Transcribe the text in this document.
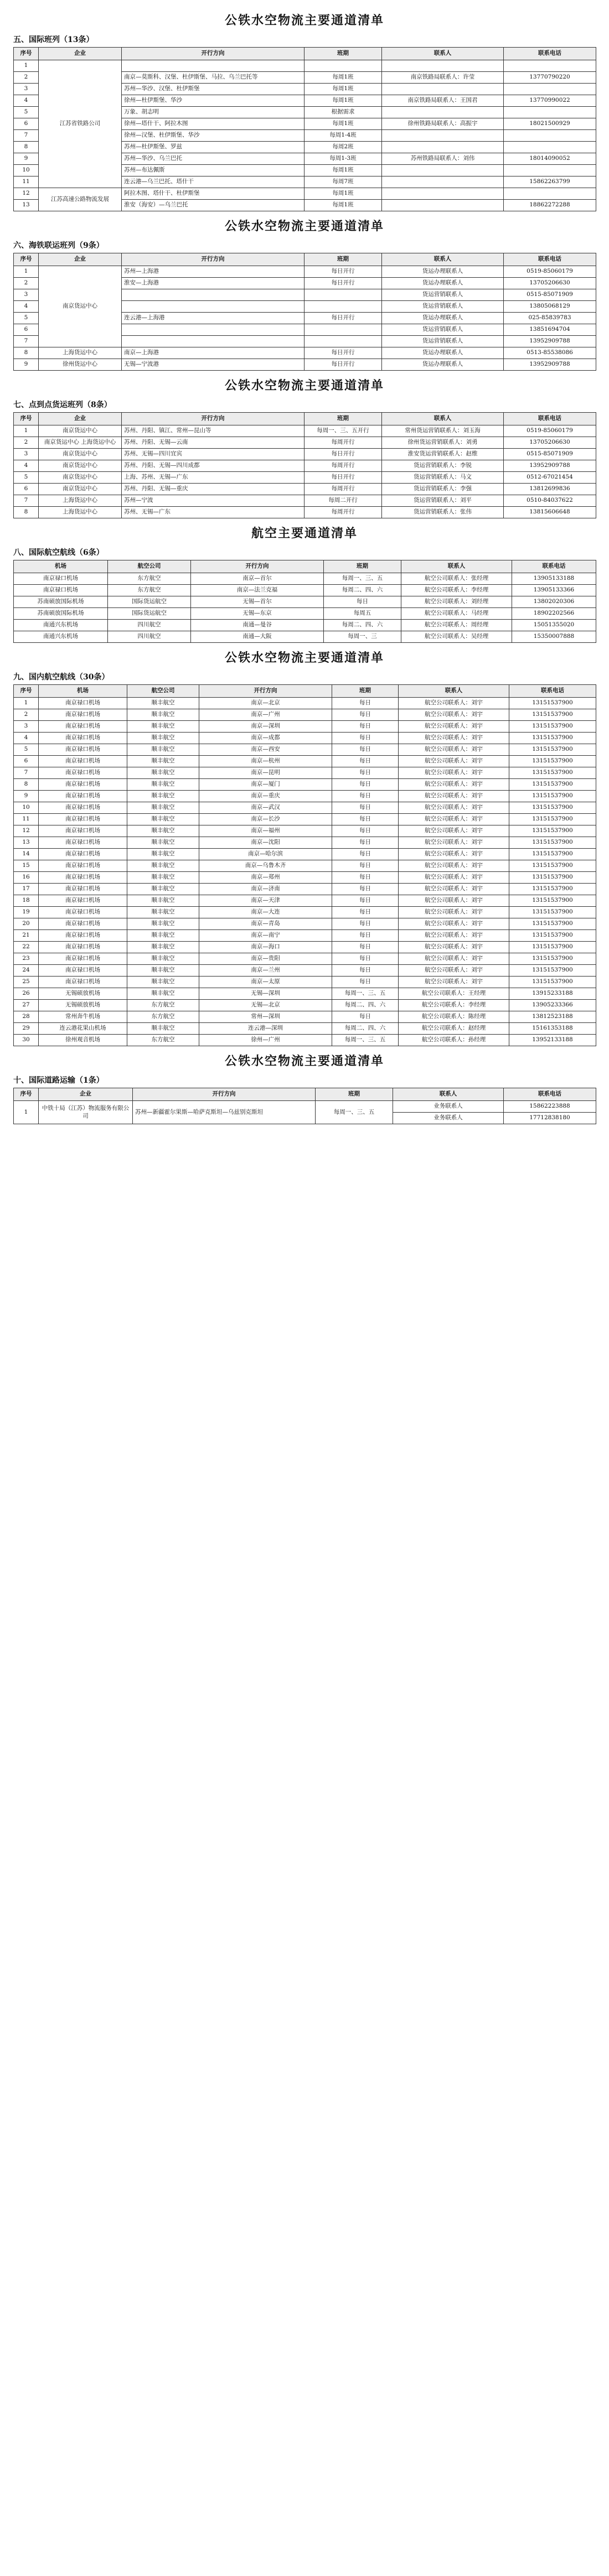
公铁水空物流主要通道清单
五、国际班列（13条）
序号	企业	开行方向	班期	联系人	联系电话
1	江苏省铁路公司				
2		南京—莫斯科、汉堡、杜伊斯堡、马拉、乌兰巴托等	每周1班	南京铁路局联系人：许莹	13770790220
3		苏州—华沙、汉堡、杜伊斯堡	每周1班		
4		徐州—杜伊斯堡、华沙	每周1班	南京铁路局联系人：王国君	13770990022
5		万象、胡志明	根据需求		
6		徐州—塔什干、阿拉木图	每周1班	徐州铁路局联系人：高振宇	18021500929
7		徐州—汉堡、杜伊斯堡、华沙	每周1-4班		
8		苏州—杜伊斯堡、罗兹	每周2班		
9		苏州—华沙、乌兰巴托	每周1-3班	苏州铁路局联系人：刘伟	18014090052
10		苏州—布达佩斯	每周1班		
11		连云港—乌兰巴托、塔什干	每周7班		15862263799
12	江苏高速公路物流发展	阿拉木图、塔什干、杜伊斯堡	每周1班		
13		淮安（海安）—乌兰巴托	每周1班		18862272288
公铁水空物流主要通道清单
六、海铁联运班列（9条）
序号	企业	开行方向	班期	联系人	联系电话
1	南京货运中心	苏州—上海港	每日开行	货运办理联系人	0519-85060179
2		淮安—上海港	每日开行	货运办理联系人	13705206630
3				货运营销联系人	0515-85071909
4				货运营销联系人	13805068129
5		连云港—上海港	每日开行	货运办理联系人	025-85839783
6				货运营销联系人	13851694704
7				货运营销联系人	13952909788
8	上海货运中心	南京—上海港	每日开行	货运办理联系人	0513-85538086
9	徐州货运中心	无锡—宁波港	每日开行	货运办理联系人	13952909788
公铁水空物流主要通道清单
七、点到点货运班列（8条）
序号	企业	开行方向	班期	联系人	联系电话
1	南京货运中心	苏州、丹阳、镇江、常州—昆山等	每周一、三、五开行	常州货运营销联系人：刘玉海	0519-85060179
2	南京货运中心 上海货运中心	苏州、丹阳、无锡—云南	每周开行	徐州货运营销联系人：刘勇	13705206630
3	南京货运中心	苏州、无锡—四川宜宾	每日开行	淮安货运营销联系人：赵维	0515-85071909
4	南京货运中心	苏州、丹阳、无锡—四川成都	每周开行	货运营销联系人：李锐	13952909788
5	南京货运中心	上海、苏州、无锡—广东	每日开行	货运营销联系人：马文	0512-67021454
6	南京货运中心	苏州、丹阳、无锡—重庆	每周开行	货运营销联系人：李强	13812699836
7	上海货运中心	苏州—宁波	每周二开行	货运营销联系人：刘平	0510-84037622
8	上海货运中心	苏州、无锡—广东	每周开行	货运营销联系人：张伟	13815606648
航空主要通道清单
八、国际航空航线（6条）
机场	航空公司	开行方向	班期	联系人	联系电话
南京禄口机场	东方航空	南京—首尔	每周一、三、五	航空公司联系人：张经理	13905133188
南京禄口机场	东方航空	南京—法兰克福	每周二、四、六	航空公司联系人：李经理	13905133366
苏南硕放国际机场	国际货运航空	无锡—首尔	每日	航空公司联系人：刘经理	13802020306
苏南硕放国际机场	国际货运航空	无锡—东京	每周五	航空公司联系人：马经理	18902202566
南通兴东机场	四川航空	南通—曼谷	每周二、四、六	航空公司联系人：周经理	15051355020
南通兴东机场	四川航空	南通—大阪	每周一、三	航空公司联系人：吴经理	15350007888
公铁水空物流主要通道清单
九、国内航空航线（30条）
序号	机场	航空公司	开行方向	班期	联系人	联系电话
1	南京禄口机场	顺丰航空	南京—北京	每日	航空公司联系人：刘宇	13151537900
2	南京禄口机场	顺丰航空	南京—广州	每日	航空公司联系人：刘宇	13151537900
3	南京禄口机场	顺丰航空	南京—深圳	每日	航空公司联系人：刘宇	13151537900
4	南京禄口机场	顺丰航空	南京—成都	每日	航空公司联系人：刘宇	13151537900
5	南京禄口机场	顺丰航空	南京—西安	每日	航空公司联系人：刘宇	13151537900
6	南京禄口机场	顺丰航空	南京—杭州	每日	航空公司联系人：刘宇	13151537900
7	南京禄口机场	顺丰航空	南京—昆明	每日	航空公司联系人：刘宇	13151537900
8	南京禄口机场	顺丰航空	南京—厦门	每日	航空公司联系人：刘宇	13151537900
9	南京禄口机场	顺丰航空	南京—重庆	每日	航空公司联系人：刘宇	13151537900
10	南京禄口机场	顺丰航空	南京—武汉	每日	航空公司联系人：刘宇	13151537900
11	南京禄口机场	顺丰航空	南京—长沙	每日	航空公司联系人：刘宇	13151537900
12	南京禄口机场	顺丰航空	南京—福州	每日	航空公司联系人：刘宇	13151537900
13	南京禄口机场	顺丰航空	南京—沈阳	每日	航空公司联系人：刘宇	13151537900
14	南京禄口机场	顺丰航空	南京—哈尔滨	每日	航空公司联系人：刘宇	13151537900
15	南京禄口机场	顺丰航空	南京—乌鲁木齐	每日	航空公司联系人：刘宇	13151537900
16	南京禄口机场	顺丰航空	南京—郑州	每日	航空公司联系人：刘宇	13151537900
17	南京禄口机场	顺丰航空	南京—济南	每日	航空公司联系人：刘宇	13151537900
18	南京禄口机场	顺丰航空	南京—天津	每日	航空公司联系人：刘宇	13151537900
19	南京禄口机场	顺丰航空	南京—大连	每日	航空公司联系人：刘宇	13151537900
20	南京禄口机场	顺丰航空	南京—青岛	每日	航空公司联系人：刘宇	13151537900
21	南京禄口机场	顺丰航空	南京—南宁	每日	航空公司联系人：刘宇	13151537900
22	南京禄口机场	顺丰航空	南京—海口	每日	航空公司联系人：刘宇	13151537900
23	南京禄口机场	顺丰航空	南京—贵阳	每日	航空公司联系人：刘宇	13151537900
24	南京禄口机场	顺丰航空	南京—兰州	每日	航空公司联系人：刘宇	13151537900
25	南京禄口机场	顺丰航空	南京—太原	每日	航空公司联系人：刘宇	13151537900
26	无锡硕放机场	顺丰航空	无锡—深圳	每周一、三、五	航空公司联系人：王经理	13915233188
27	无锡硕放机场	东方航空	无锡—北京	每周二、四、六	航空公司联系人：李经理	13905233366
28	常州奔牛机场	东方航空	常州—深圳	每日	航空公司联系人：陈经理	13812523188
29	连云港花果山机场	顺丰航空	连云港—深圳	每周二、四、六	航空公司联系人：赵经理	15161353188
30	徐州观音机场	东方航空	徐州—广州	每周一、三、五	航空公司联系人：孙经理	13952133188
公铁水空物流主要通道清单
十、国际道路运输（1条）
序号	企业	开行方向	班期	联系人	联系电话
1	中铁十局（江苏）物流服务有限公司	苏州—新疆霍尔果斯—哈萨克斯坦—乌兹别克斯坦	每周一、三、五	业务联系人	15862223888
				业务联系人	17712838180
